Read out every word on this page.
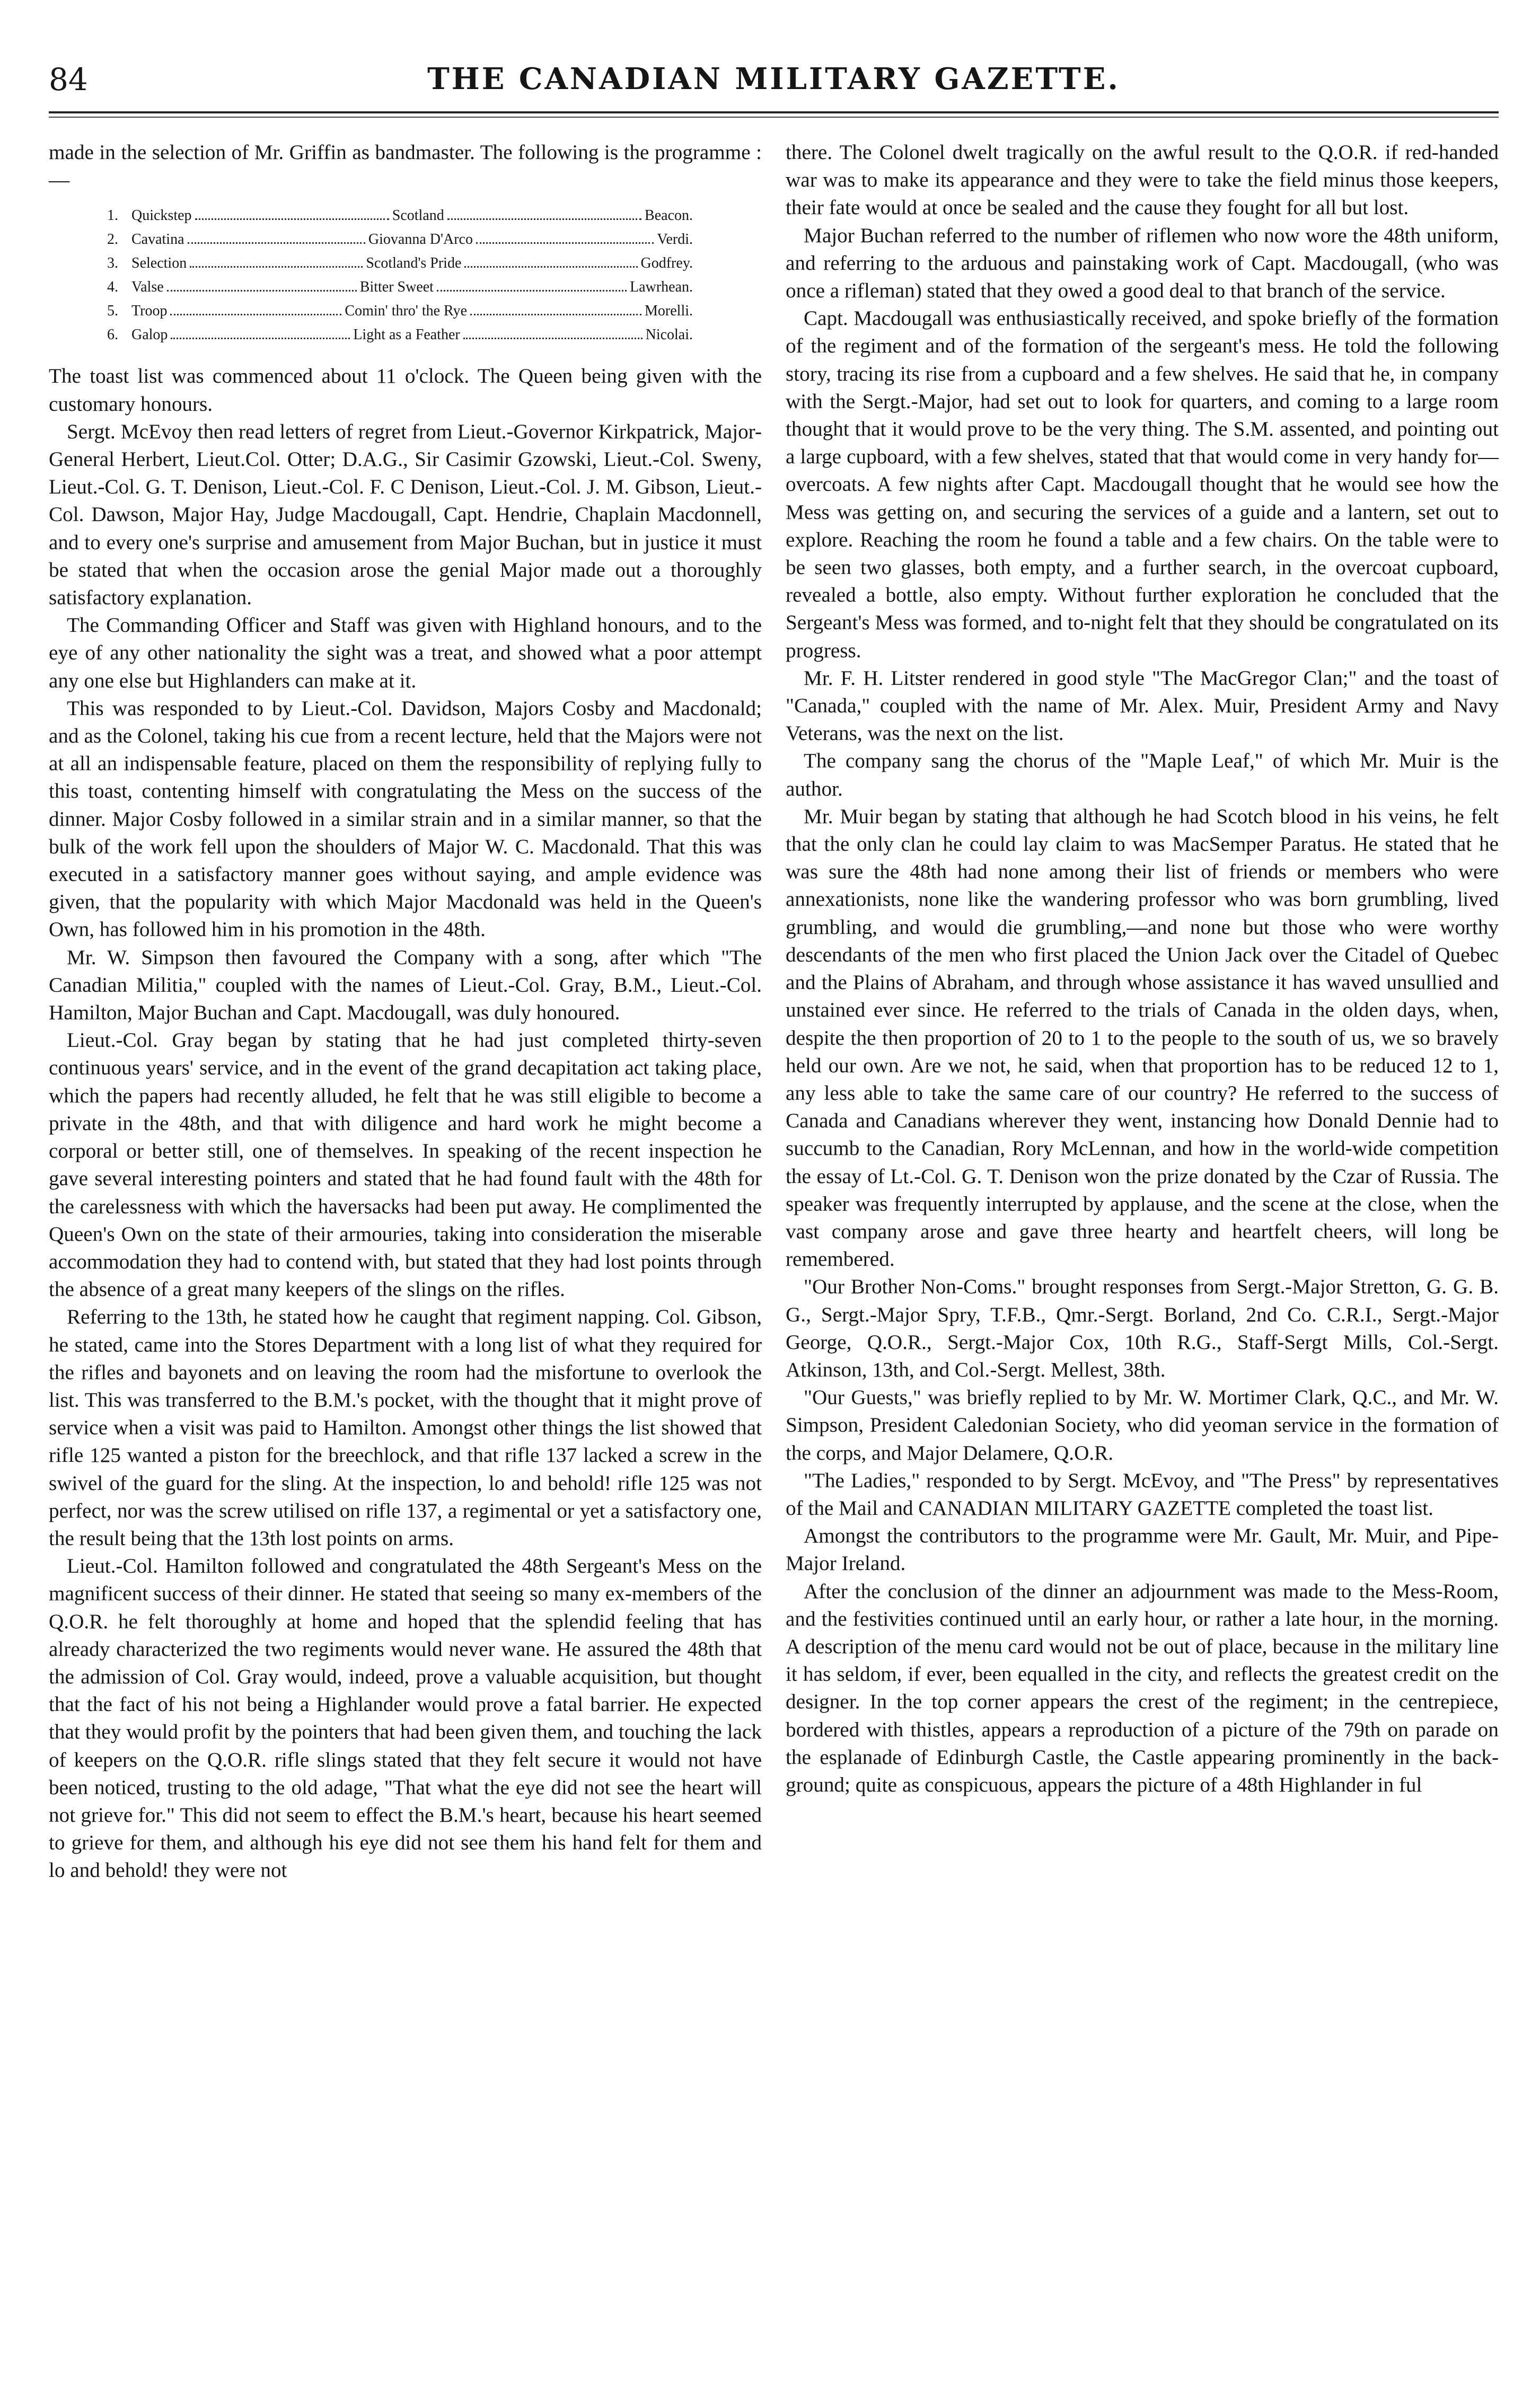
84	THE CANADIAN MILITARY GAZETTE.

made in the selection of Mr. Griffin as bandmaster. The following is the programme :—

1. Quickstep	Scotland	Beacon.
2. Cavatina	Giovanna D'Arco	Verdi.
3. Selection	Scotland's Pride	Godfrey.
4. Valse	Bitter Sweet	Lawrhean.
5. Troop	Comin' thro' the Rye	Morelli.
6. Galop	Light as a Feather	Nicolai.

The toast list was commenced about 11 o'clock. The Queen being given with the customary honours.

Sergt. McEvoy then read letters of regret from Lieut.-Governor Kirkpatrick, Major-General Herbert, Lieut.Col. Otter; D.A.G., Sir Casimir Gzowski, Lieut.-Col. Sweny, Lieut.-Col. G. T. Denison, Lieut.-Col. F. C Denison, Lieut.-Col. J. M. Gibson, Lieut.-Col. Dawson, Major Hay, Judge Macdougall, Capt. Hendrie, Chaplain Macdonnell, and to every one's surprise and amusement from Major Buchan, but in justice it must be stated that when the occasion arose the genial Major made out a thoroughly satisfactory explanation.

The Commanding Officer and Staff was given with Highland honours, and to the eye of any other nationality the sight was a treat, and showed what a poor attempt any one else but Highlanders can make at it.

This was responded to by Lieut.-Col. Davidson, Majors Cosby and Macdonald; and as the Colonel, taking his cue from a recent lecture, held that the Majors were not at all an indispensable feature, placed on them the responsibility of replying fully to this toast, contenting himself with congratulating the Mess on the success of the dinner. Major Cosby followed in a similar strain and in a similar manner, so that the bulk of the work fell upon the shoulders of Major W. C. Macdonald. That this was executed in a satisfactory manner goes without saying, and ample evidence was given, that the popularity with which Major Macdonald was held in the Queen's Own, has followed him in his promotion in the 48th.

Mr. W. Simpson then favoured the Company with a song, after which "The Canadian Militia," coupled with the names of Lieut.-Col. Gray, B.M., Lieut.-Col. Hamilton, Major Buchan and Capt. Macdougall, was duly honoured.

Lieut.-Col. Gray began by stating that he had just completed thirty-seven continuous years' service, and in the event of the grand decapitation act taking place, which the papers had recently alluded, he felt that he was still eligible to become a private in the 48th, and that with diligence and hard work he might become a corporal or better still, one of themselves. In speaking of the recent inspection he gave several interesting pointers and stated that he had found fault with the 48th for the carelessness with which the haversacks had been put away. He complimented the Queen's Own on the state of their armouries, taking into consideration the miserable accommodation they had to contend with, but stated that they had lost points through the absence of a great many keepers of the slings on the rifles.

Referring to the 13th, he stated how he caught that regiment napping. Col. Gibson, he stated, came into the Stores Department with a long list of what they required for the rifles and bayonets and on leaving the room had the misfortune to overlook the list. This was transferred to the B.M.'s pocket, with the thought that it might prove of service when a visit was paid to Hamilton. Amongst other things the list showed that rifle 125 wanted a piston for the breechlock, and that rifle 137 lacked a screw in the swivel of the guard for the sling. At the inspection, lo and behold! rifle 125 was not perfect, nor was the screw utilised on rifle 137, a regimental or yet a satisfactory one, the result being that the 13th lost points on arms.

Lieut.-Col. Hamilton followed and congratulated the 48th Sergeant's Mess on the magnificent success of their dinner. He stated that seeing so many ex-members of the Q.O.R. he felt thoroughly at home and hoped that the splendid feeling that has already characterized the two regiments would never wane. He assured the 48th that the admission of Col. Gray would, indeed, prove a valuable acquisition, but thought that the fact of his not being a Highlander would prove a fatal barrier. He expected that they would profit by the pointers that had been given them, and touching the lack of keepers on the Q.O.R. rifle slings stated that they felt secure it would not have been noticed, trusting to the old adage, "That what the eye did not see the heart will not grieve for." This did not seem to effect the B.M.'s heart, because his heart seemed to grieve for them, and although his eye did not see them his hand felt for them and lo and behold! they were not

there. The Colonel dwelt tragically on the awful result to the Q.O.R. if red-handed war was to make its appearance and they were to take the field minus those keepers, their fate would at once be sealed and the cause they fought for all but lost.

Major Buchan referred to the number of riflemen who now wore the 48th uniform, and referring to the arduous and painstaking work of Capt. Macdougall, (who was once a rifleman) stated that they owed a good deal to that branch of the service.

Capt. Macdougall was enthusiastically received, and spoke briefly of the formation of the regiment and of the formation of the sergeant's mess. He told the following story, tracing its rise from a cupboard and a few shelves. He said that he, in company with the Sergt.-Major, had set out to look for quarters, and coming to a large room thought that it would prove to be the very thing. The S.M. assented, and pointing out a large cupboard, with a few shelves, stated that that would come in very handy for—overcoats. A few nights after Capt. Macdougall thought that he would see how the Mess was getting on, and securing the services of a guide and a lantern, set out to explore. Reaching the room he found a table and a few chairs. On the table were to be seen two glasses, both empty, and a further search, in the overcoat cupboard, revealed a bottle, also empty. Without further exploration he concluded that the Sergeant's Mess was formed, and to-night felt that they should be congratulated on its progress.

Mr. F. H. Litster rendered in good style "The MacGregor Clan;" and the toast of "Canada," coupled with the name of Mr. Alex. Muir, President Army and Navy Veterans, was the next on the list.

The company sang the chorus of the "Maple Leaf," of which Mr. Muir is the author.

Mr. Muir began by stating that although he had Scotch blood in his veins, he felt that the only clan he could lay claim to was MacSemper Paratus. He stated that he was sure the 48th had none among their list of friends or members who were annexationists, none like the wandering professor who was born grumbling, lived grumbling, and would die grumbling,—and none but those who were worthy descendants of the men who first placed the Union Jack over the Citadel of Quebec and the Plains of Abraham, and through whose assistance it has waved unsullied and unstained ever since. He referred to the trials of Canada in the olden days, when, despite the then proportion of 20 to 1 to the people to the south of us, we so bravely held our own. Are we not, he said, when that proportion has to be reduced 12 to 1, any less able to take the same care of our country? He referred to the success of Canada and Canadians wherever they went, instancing how Donald Dennie had to succumb to the Canadian, Rory McLennan, and how in the world-wide competition the essay of Lt.-Col. G. T. Denison won the prize donated by the Czar of Russia. The speaker was frequently interrupted by applause, and the scene at the close, when the vast company arose and gave three hearty and heartfelt cheers, will long be remembered.

"Our Brother Non-Coms." brought responses from Sergt.-Major Stretton, G. G. B. G., Sergt.-Major Spry, T.F.B., Qmr.-Sergt. Borland, 2nd Co. C.R.I., Sergt.-Major George, Q.O.R., Sergt.-Major Cox, 10th R.G., Staff-Sergt Mills, Col.-Sergt. Atkinson, 13th, and Col.-Sergt. Mellest, 38th.

"Our Guests," was briefly replied to by Mr. W. Mortimer Clark, Q.C., and Mr. W. Simpson, President Caledonian Society, who did yeoman service in the formation of the corps, and Major Delamere, Q.O.R.

"The Ladies," responded to by Sergt. McEvoy, and "The Press" by representatives of the Mail and CANADIAN MILITARY GAZETTE completed the toast list.

Amongst the contributors to the programme were Mr. Gault, Mr. Muir, and Pipe-Major Ireland.

After the conclusion of the dinner an adjournment was made to the Mess-Room, and the festivities continued until an early hour, or rather a late hour, in the morning. A description of the menu card would not be out of place, because in the military line it has seldom, if ever, been equalled in the city, and reflects the greatest credit on the designer. In the top corner appears the crest of the regiment; in the centrepiece, bordered with thistles, appears a reproduction of a picture of the 79th on parade on the esplanade of Edinburgh Castle, the Castle appearing prominently in the back-ground; quite as conspicuous, appears the picture of a 48th Highlander in ful
